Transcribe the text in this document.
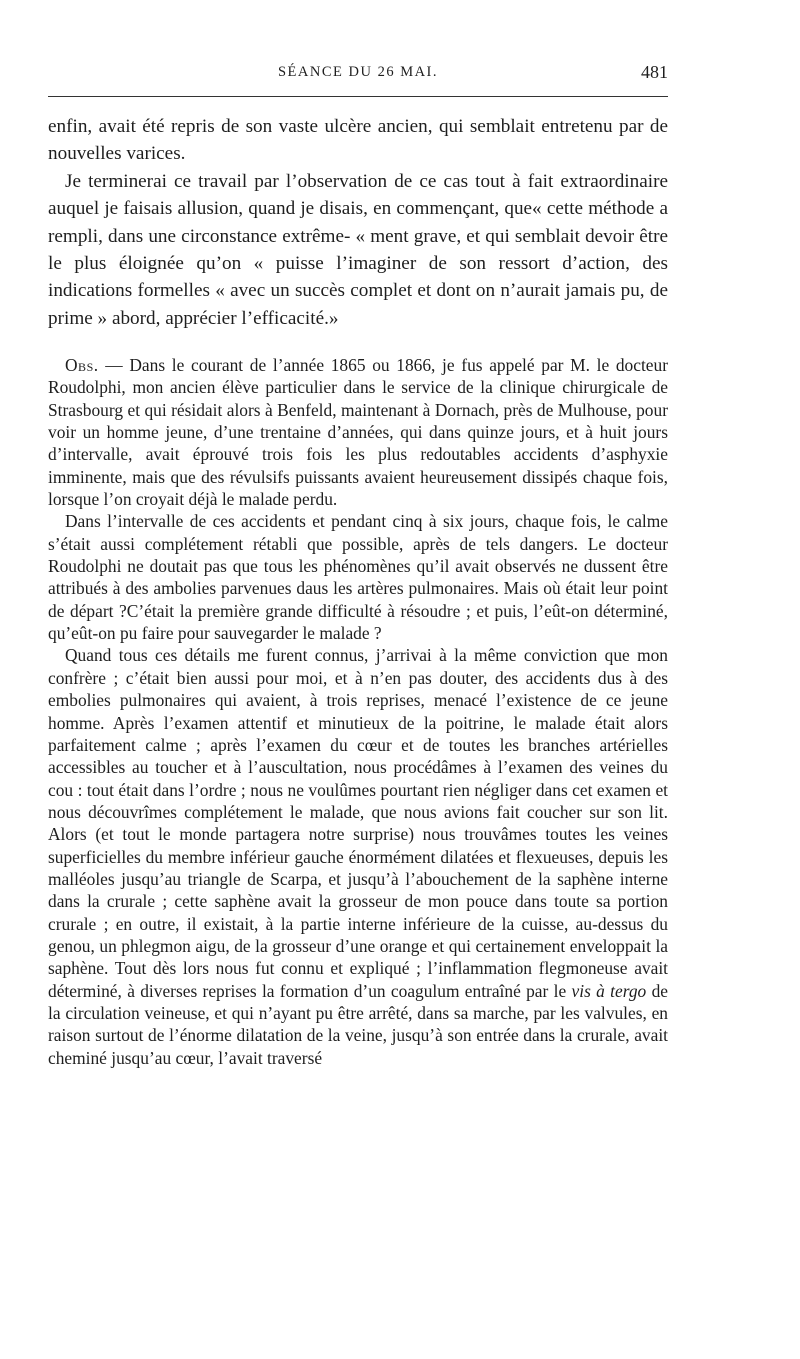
SÉANCE DU 26 MAI.	481

enfin, avait été repris de son vaste ulcère ancien, qui semblait entretenu par de nouvelles varices.

Je terminerai ce travail par l’observation de ce cas tout à fait extraordinaire auquel je faisais allusion, quand je disais, en commençant, que« cette méthode a rempli, dans une circonstance extrême- « ment grave, et qui semblait devoir être le plus éloignée qu’on « puisse l’imaginer de son ressort d’action, des indications formelles « avec un succès complet et dont on n’aurait jamais pu, de prime » abord, apprécier l’efficacité.»

Obs. — Dans le courant de l’année 1865 ou 1866, je fus appelé par M. le docteur Roudolphi, mon ancien élève particulier dans le service de la clinique chirurgicale de Strasbourg et qui résidait alors à Benfeld, maintenant à Dornach, près de Mulhouse, pour voir un homme jeune, d’une trentaine d’années, qui dans quinze jours, et à huit jours d’intervalle, avait éprouvé trois fois les plus redoutables accidents d’asphyxie imminente, mais que des révulsifs puissants avaient heureusement dissipés chaque fois, lorsque l’on croyait déjà le malade perdu.

Dans l’intervalle de ces accidents et pendant cinq à six jours, chaque fois, le calme s’était aussi complétement rétabli que possible, après de tels dangers. Le docteur Roudolphi ne doutait pas que tous les phénomènes qu’il avait observés ne dussent être attribués à des ambolies parvenues daus les artères pulmonaires. Mais où était leur point de départ ?C’était la première grande difficulté à résoudre ; et puis, l’eût-on déterminé, qu’eût-on pu faire pour sauvegarder le malade ?

Quand tous ces détails me furent connus, j’arrivai à la même conviction que mon confrère ; c’était bien aussi pour moi, et à n’en pas douter, des accidents dus à des embolies pulmonaires qui avaient, à trois reprises, menacé l’existence de ce jeune homme. Après l’examen attentif et minutieux de la poitrine, le malade était alors parfaitement calme ; après l’examen du cœur et de toutes les branches artérielles accessibles au toucher et à l’auscultation, nous procédâmes à l’examen des veines du cou : tout était dans l’ordre ; nous ne voulûmes pourtant rien négliger dans cet examen et nous découvrîmes complétement le malade, que nous avions fait coucher sur son lit. Alors (et tout le monde partagera notre surprise) nous trouvâmes toutes les veines superficielles du membre inférieur gauche énormément dilatées et flexueuses, depuis les malléoles jusqu’au triangle de Scarpa, et jusqu’à l’abouchement de la saphène interne dans la crurale ; cette saphène avait la grosseur de mon pouce dans toute sa portion crurale ; en outre, il existait, à la partie interne inférieure de la cuisse, au-dessus du genou, un phlegmon aigu, de la grosseur d’une orange et qui certainement enveloppait la saphène. Tout dès lors nous fut connu et expliqué ; l’inflammation flegmoneuse avait déterminé, à diverses reprises la formation d’un coagulum entraîné par le vis à tergo de la circulation veineuse, et qui n’ayant pu être arrêté, dans sa marche, par les valvules, en raison surtout de l’énorme dilatation de la veine, jusqu’à son entrée dans la crurale, avait cheminé jusqu’au cœur, l’avait traversé
